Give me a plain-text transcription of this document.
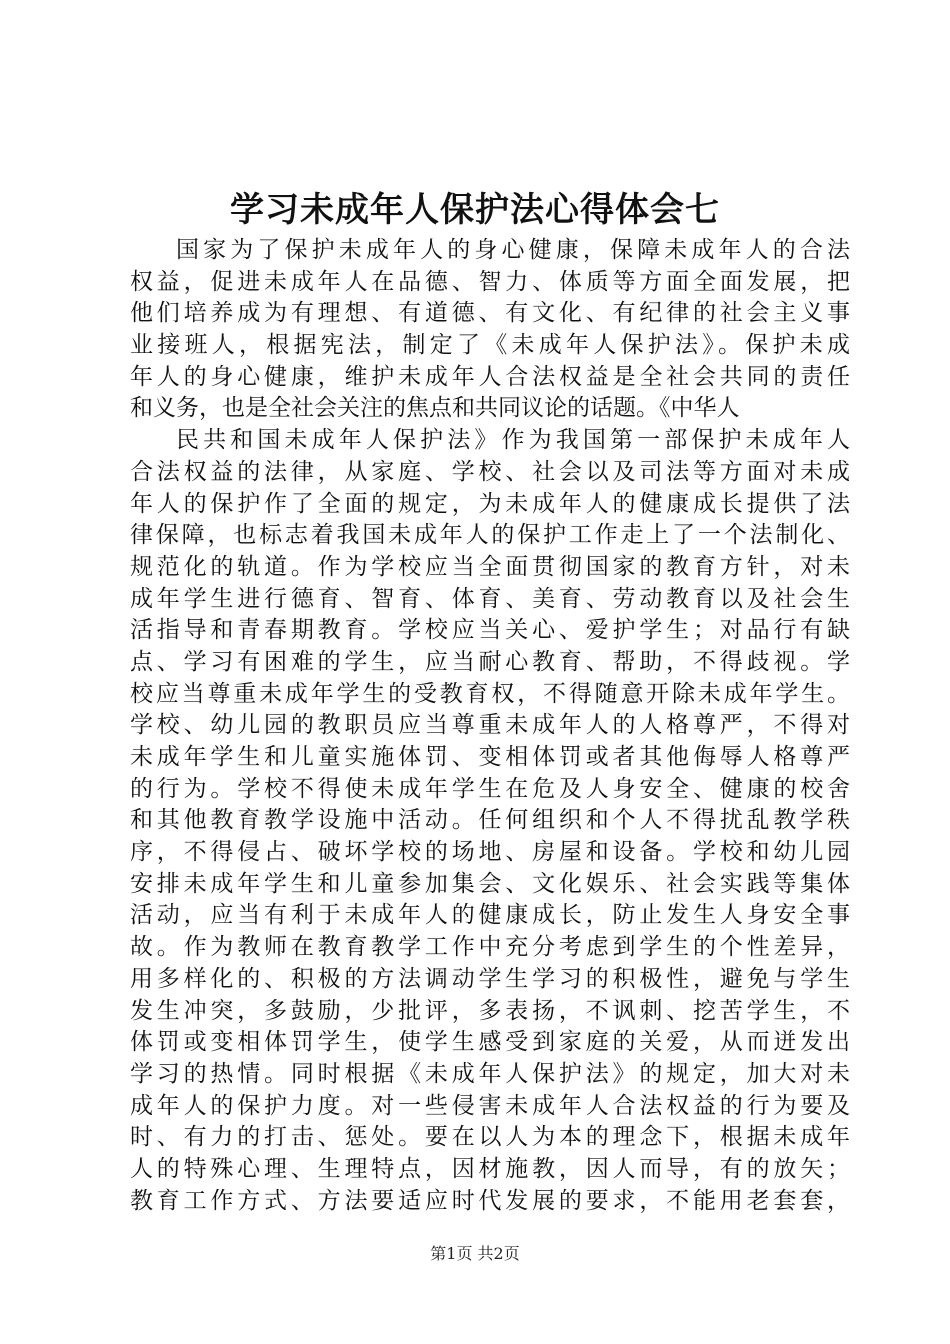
学习未成年人保护法心得体会七
国家为了保护未成年人的身心健康，保障未成年人的合法
权益，促进未成年人在品德、智力、体质等方面全面发展，把
他们培养成为有理想、有道德、有文化、有纪律的社会主义事
业接班人，根据宪法，制定了《未成年人保护法》。保护未成
年人的身心健康，维护未成年人合法权益是全社会共同的责任
和义务，也是全社会关注的焦点和共同议论的话题。《中华人
民共和国未成年人保护法》作为我国第一部保护未成年人
合法权益的法律，从家庭、学校、社会以及司法等方面对未成
年人的保护作了全面的规定，为未成年人的健康成长提供了法
律保障，也标志着我国未成年人的保护工作走上了一个法制化、
规范化的轨道。作为学校应当全面贯彻国家的教育方针，对未
成年学生进行德育、智育、体育、美育、劳动教育以及社会生
活指导和青春期教育。学校应当关心、爱护学生；对品行有缺
点、学习有困难的学生，应当耐心教育、帮助，不得歧视。学
校应当尊重未成年学生的受教育权，不得随意开除未成年学生。
学校、幼儿园的教职员应当尊重未成年人的人格尊严，不得对
未成年学生和儿童实施体罚、变相体罚或者其他侮辱人格尊严
的行为。学校不得使未成年学生在危及人身安全、健康的校舍
和其他教育教学设施中活动。任何组织和个人不得扰乱教学秩
序，不得侵占、破坏学校的场地、房屋和设备。学校和幼儿园
安排未成年学生和儿童参加集会、文化娱乐、社会实践等集体
活动，应当有利于未成年人的健康成长，防止发生人身安全事
故。作为教师在教育教学工作中充分考虑到学生的个性差异，
用多样化的、积极的方法调动学生学习的积极性，避免与学生
发生冲突，多鼓励，少批评，多表扬，不讽刺、挖苦学生，不
体罚或变相体罚学生，使学生感受到家庭的关爱，从而迸发出
学习的热情。同时根据《未成年人保护法》的规定，加大对未
成年人的保护力度。对一些侵害未成年人合法权益的行为要及
时、有力的打击、惩处。要在以人为本的理念下，根据未成年
人的特殊心理、生理特点，因材施教，因人而导，有的放矢；
教育工作方式、方法要适应时代发展的要求，不能用老套套，
第1页 共2页
